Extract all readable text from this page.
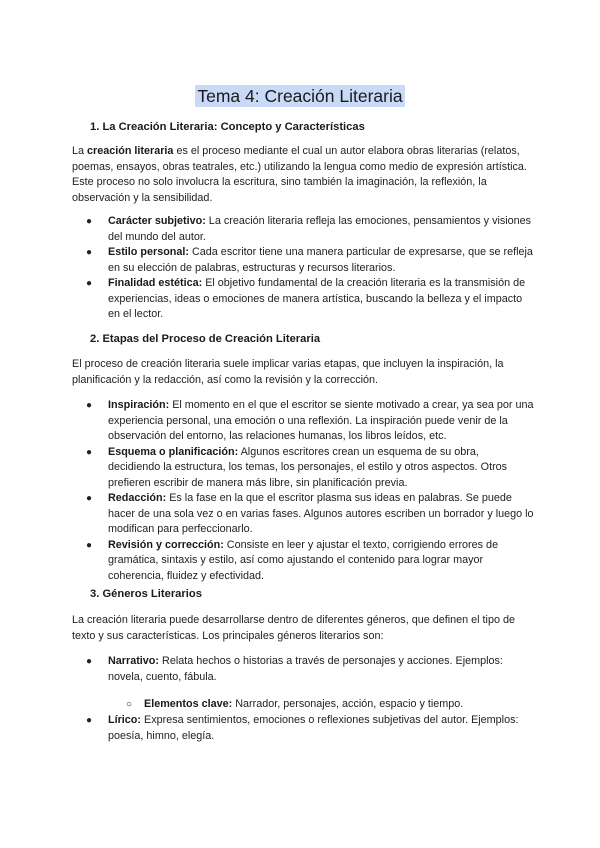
Tema 4: Creación Literaria
1. La Creación Literaria: Concepto y Características
La creación literaria es el proceso mediante el cual un autor elabora obras literarias (relatos, poemas, ensayos, obras teatrales, etc.) utilizando la lengua como medio de expresión artística. Este proceso no solo involucra la escritura, sino también la imaginación, la reflexión, la observación y la sensibilidad.
● Carácter subjetivo: La creación literaria refleja las emociones, pensamientos y visiones del mundo del autor.
● Estilo personal: Cada escritor tiene una manera particular de expresarse, que se refleja en su elección de palabras, estructuras y recursos literarios.
● Finalidad estética: El objetivo fundamental de la creación literaria es la transmisión de experiencias, ideas o emociones de manera artística, buscando la belleza y el impacto en el lector.
2. Etapas del Proceso de Creación Literaria
El proceso de creación literaria suele implicar varias etapas, que incluyen la inspiración, la planificación y la redacción, así como la revisión y la corrección.
● Inspiración: El momento en el que el escritor se siente motivado a crear, ya sea por una experiencia personal, una emoción o una reflexión. La inspiración puede venir de la observación del entorno, las relaciones humanas, los libros leídos, etc.
● Esquema o planificación: Algunos escritores crean un esquema de su obra, decidiendo la estructura, los temas, los personajes, el estilo y otros aspectos. Otros prefieren escribir de manera más libre, sin planificación previa.
● Redacción: Es la fase en la que el escritor plasma sus ideas en palabras. Se puede hacer de una sola vez o en varias fases. Algunos autores escriben un borrador y luego lo modifican para perfeccionarlo.
● Revisión y corrección: Consiste en leer y ajustar el texto, corrigiendo errores de gramática, sintaxis y estilo, así como ajustando el contenido para lograr mayor coherencia, fluidez y efectividad.
3. Géneros Literarios
La creación literaria puede desarrollarse dentro de diferentes géneros, que definen el tipo de texto y sus características. Los principales géneros literarios son:
● Narrativo: Relata hechos o historias a través de personajes y acciones. Ejemplos: novela, cuento, fábula.
○ Elementos clave: Narrador, personajes, acción, espacio y tiempo.
● Lírico: Expresa sentimientos, emociones o reflexiones subjetivas del autor. Ejemplos: poesía, himno, elegía.
